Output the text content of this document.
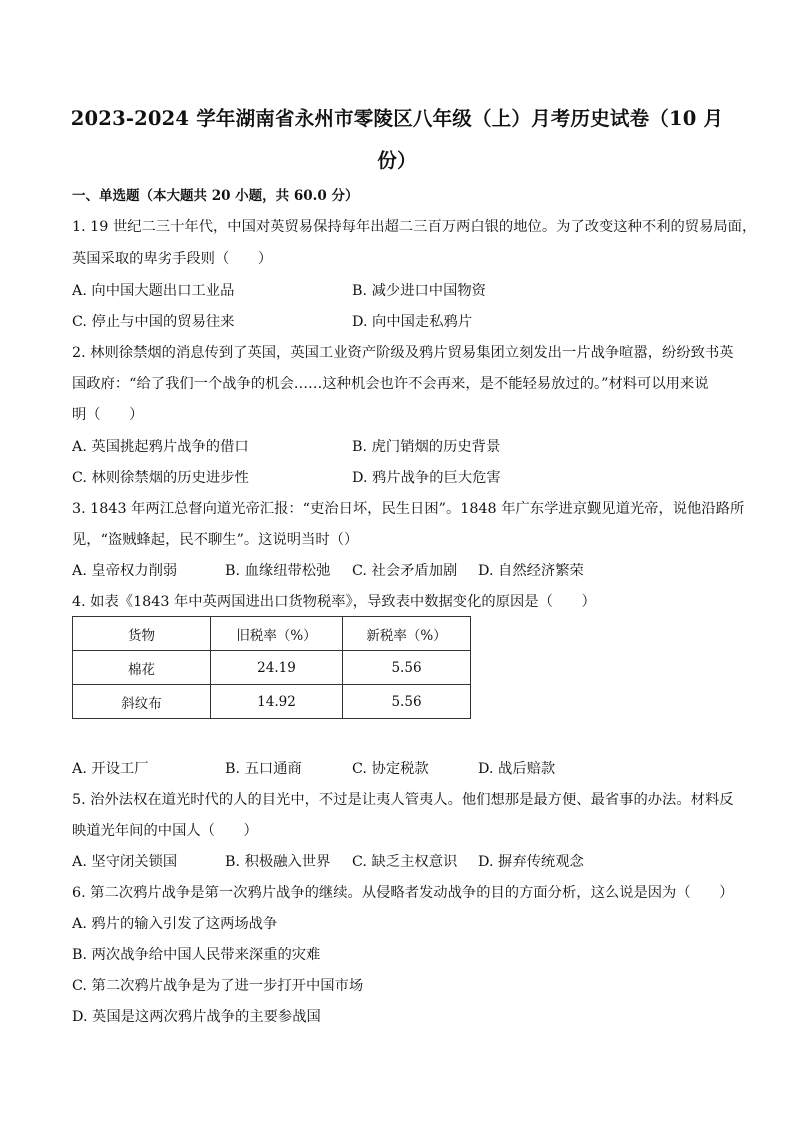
2023-2024 学年湖南省永州市零陵区八年级（上）月考历史试卷（10 月
份）
一、单选题（本大题共 20 小题，共 60.0 分）
1. 19 世纪二三十年代，中国对英贸易保持每年出超二三百万两白银的地位。为了改变这种不利的贸易局面，
英国采取的卑劣手段则（　　）
A. 向中国大题出口工业品	B. 减少进口中国物资
C. 停止与中国的贸易往来	D. 向中国走私鸦片
2. 林则徐禁烟的消息传到了英国，英国工业资产阶级及鸦片贸易集团立刻发出一片战争喧嚣，纷纷致书英
国政府：“给了我们一个战争的机会……这种机会也许不会再来，是不能轻易放过的。”材料可以用来说
明（　　）
A. 英国挑起鸦片战争的借口	B. 虎门销烟的历史背景
C. 林则徐禁烟的历史进步性	D. 鸦片战争的巨大危害
3. 1843 年两江总督向道光帝汇报：“吏治日坏，民生日困”。1848 年广东学进京觐见道光帝，说他沿路所
见，“盗贼蜂起，民不聊生”。这说明当时（）
A. 皇帝权力削弱	B. 血缘纽带松弛 C. 社会矛盾加剧 D. 自然经济繁荣
4. 如表《1843 年中英两国进出口货物税率》，导致表中数据变化的原因是（　　）
货物	旧税率（%）	新税率（%）
棉花	24.19	5.56
斜纹布	14.92	5.56
A. 开设工厂	B. 五口通商	C. 协定税款	D. 战后赔款
5. 治外法权在道光时代的人的目光中，不过是让夷人管夷人。他们想那是最方便、最省事的办法。材料反
映道光年间的中国人（　　）
A. 坚守闭关锁国	B. 积极融入世界 C. 缺乏主权意识 D. 摒弃传统观念
6. 第二次鸦片战争是第一次鸦片战争的继续。从侵略者发动战争的目的方面分析，这么说是因为（　　）
A. 鸦片的输入引发了这两场战争
B. 两次战争给中国人民带来深重的灾难
C. 第二次鸦片战争是为了进一步打开中国市场
D. 英国是这两次鸦片战争的主要参战国
